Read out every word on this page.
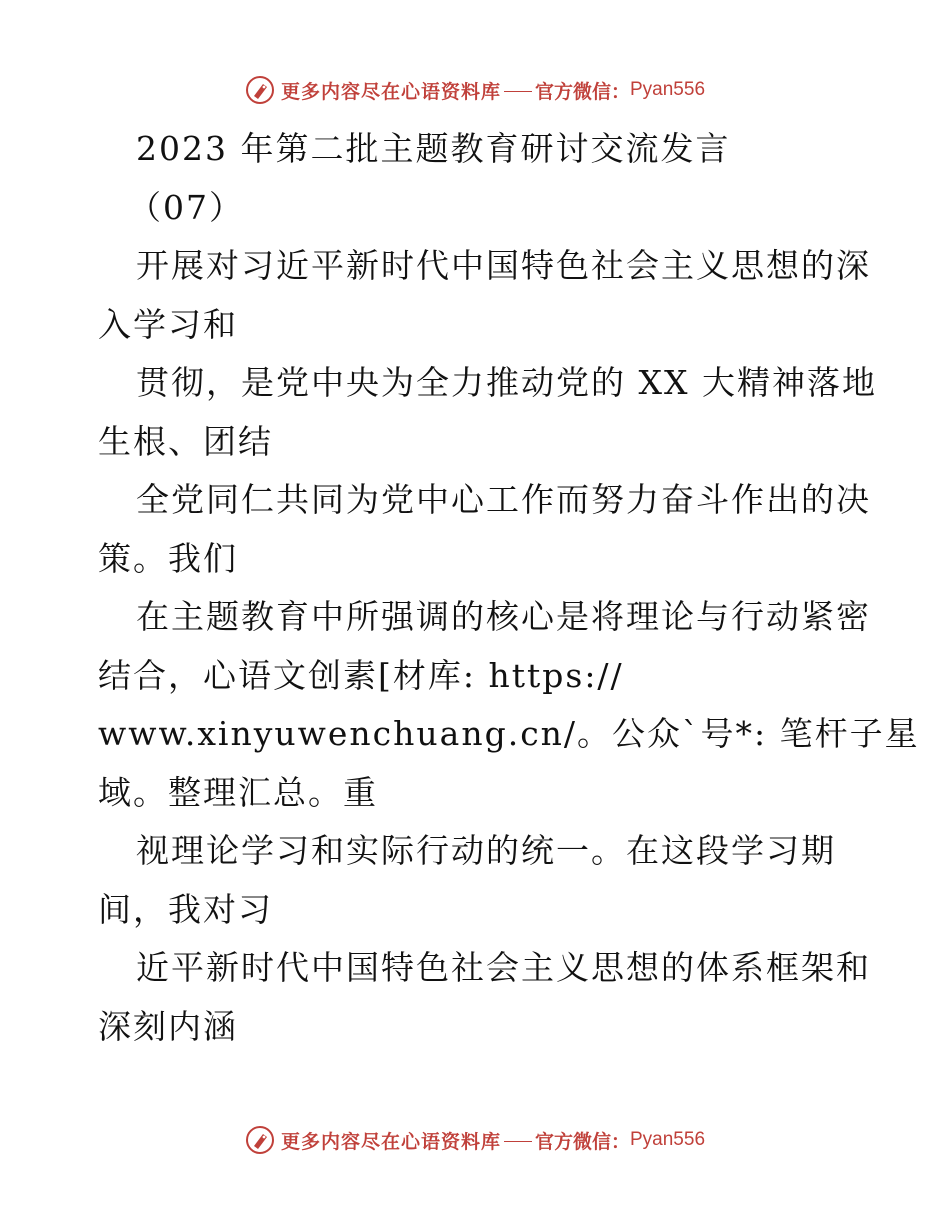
更多内容尽在心语资料库 官方微信： Pyan556
2023 年第二批主题教育研讨交流发言
（07）
开展对习近平新时代中国特色社会主义思想的深
入学习和
贯彻，是党中央为全力推动党的 XX 大精神落地
生根、团结
全党同仁共同为党中心工作而努力奋斗作出的决
策。我们
在主题教育中所强调的核心是将理论与行动紧密
结合，心语文创素[材库: https://
www.xinyuwenchuang.cn/。公众`号*: 笔杆子星
域。整理汇总。重
视理论学习和实际行动的统一。在这段学习期
间，我对习
近平新时代中国特色社会主义思想的体系框架和
深刻内涵
更多内容尽在心语资料库 官方微信： Pyan556
